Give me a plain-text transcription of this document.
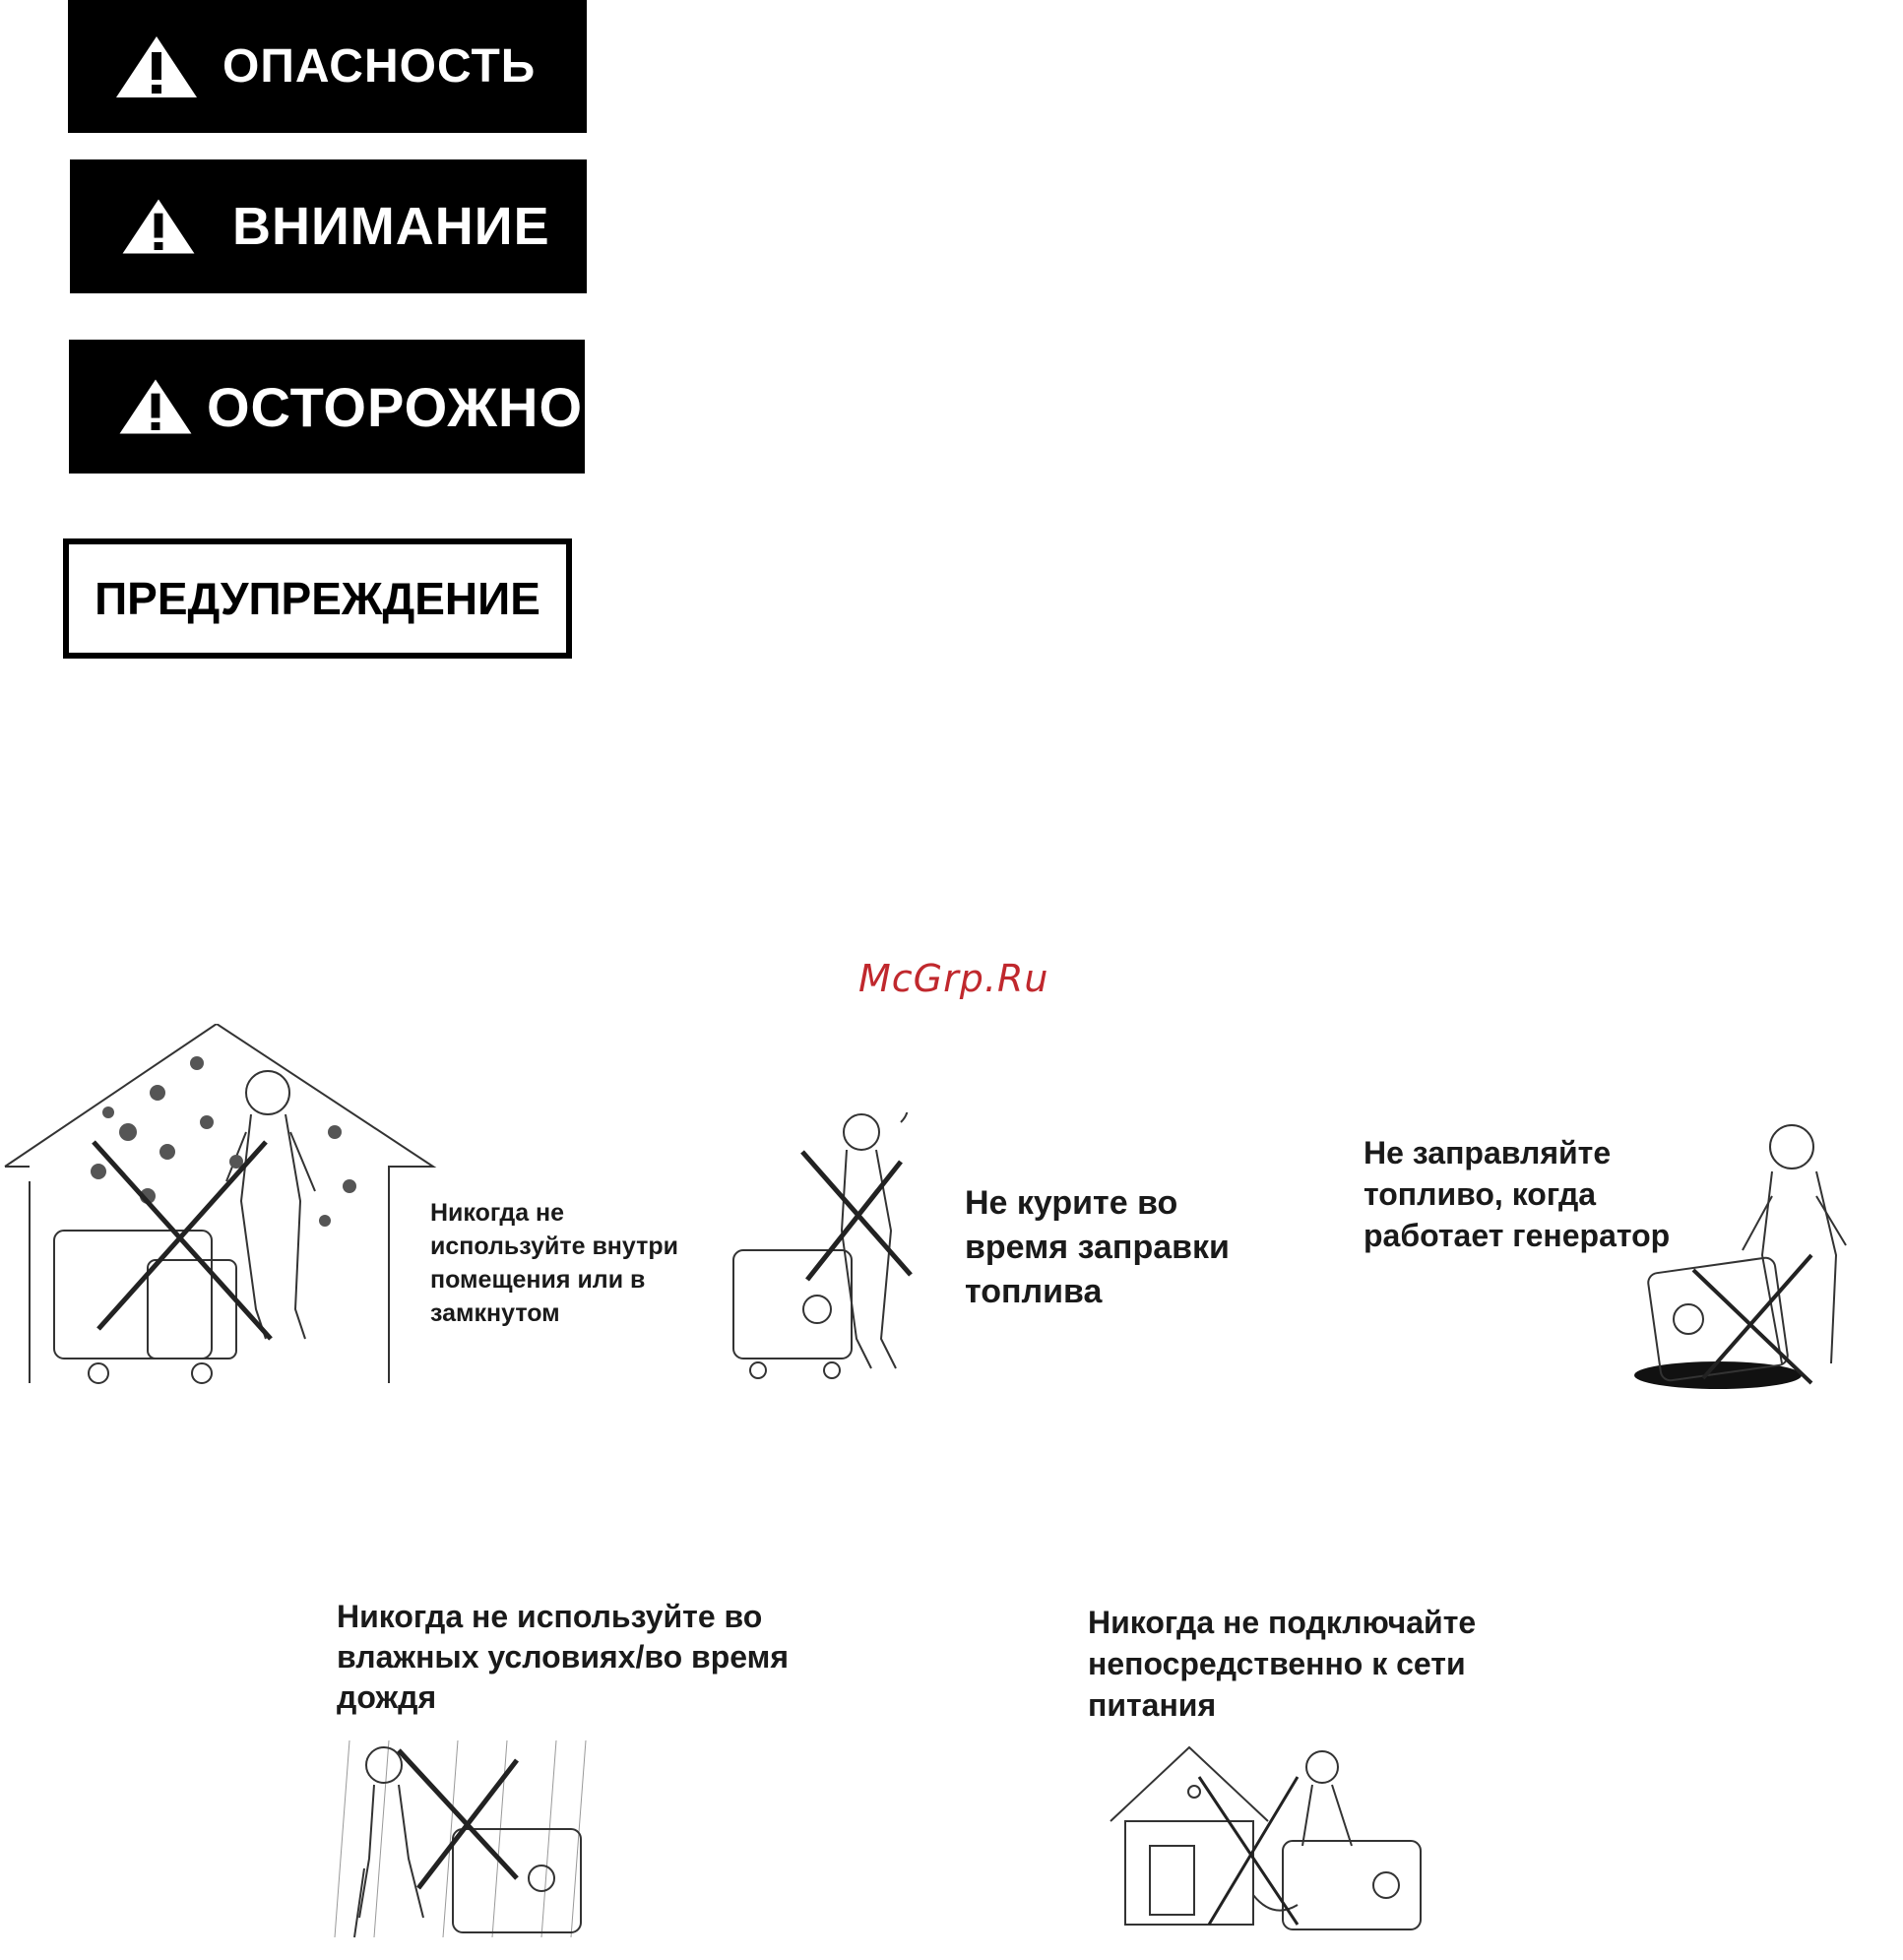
ОПАСНОСТЬ
ВНИМАНИЕ
ОСТОРОЖНО
ПРЕДУПРЕЖДЕНИЕ
McGrp.Ru
Никогда не используйте внутри помещения или в замкнутом
Не курите во время заправки топлива
Не заправляйте топливо, когда работает генератор
Никогда не используйте во влажных условиях/во время дождя
Никогда не подключайте непосредственно к сети питания
